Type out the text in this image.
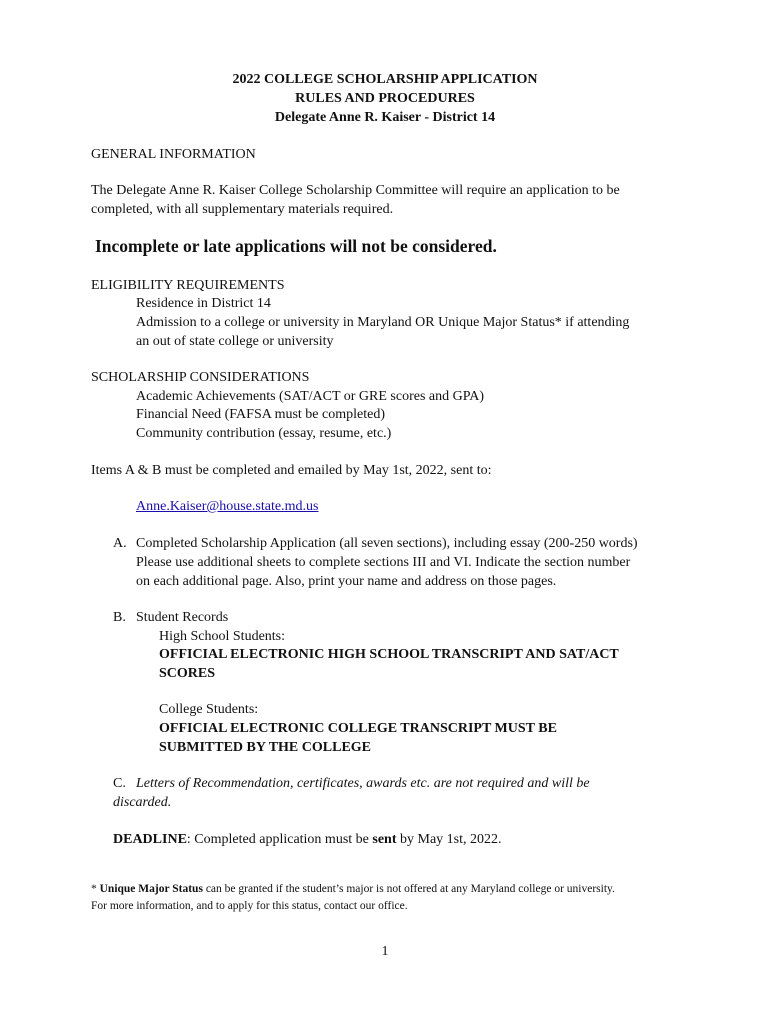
2022 COLLEGE SCHOLARSHIP APPLICATION
RULES AND PROCEDURES
Delegate Anne R. Kaiser - District 14
GENERAL INFORMATION
The Delegate Anne R. Kaiser College Scholarship Committee will require an application to be
completed, with all supplementary materials required.
Incomplete or late applications will not be considered.
ELIGIBILITY REQUIREMENTS
Residence in District 14
Admission to a college or university in Maryland OR Unique Major Status* if attending
an out of state college or university
SCHOLARSHIP CONSIDERATIONS
Academic Achievements (SAT/ACT or GRE scores and GPA)
Financial Need (FAFSA must be completed)
Community contribution (essay, resume, etc.)
Items A & B must be completed and emailed by May 1st, 2022, sent to:
Anne.Kaiser@house.state.md.us
A. Completed Scholarship Application (all seven sections), including essay (200-250 words)
Please use additional sheets to complete sections III and VI. Indicate the section number
on each additional page. Also, print your name and address on those pages.
B. Student Records
High School Students:
OFFICIAL ELECTRONIC HIGH SCHOOL TRANSCRIPT AND SAT/ACT
SCORES
College Students:
OFFICIAL ELECTRONIC COLLEGE TRANSCRIPT MUST BE
SUBMITTED BY THE COLLEGE
C. Letters of Recommendation, certificates, awards etc. are not required and will be
discarded.
DEADLINE: Completed application must be sent by May 1st, 2022.
* Unique Major Status can be granted if the student’s major is not offered at any Maryland college or university.
For more information, and to apply for this status, contact our office.
1
